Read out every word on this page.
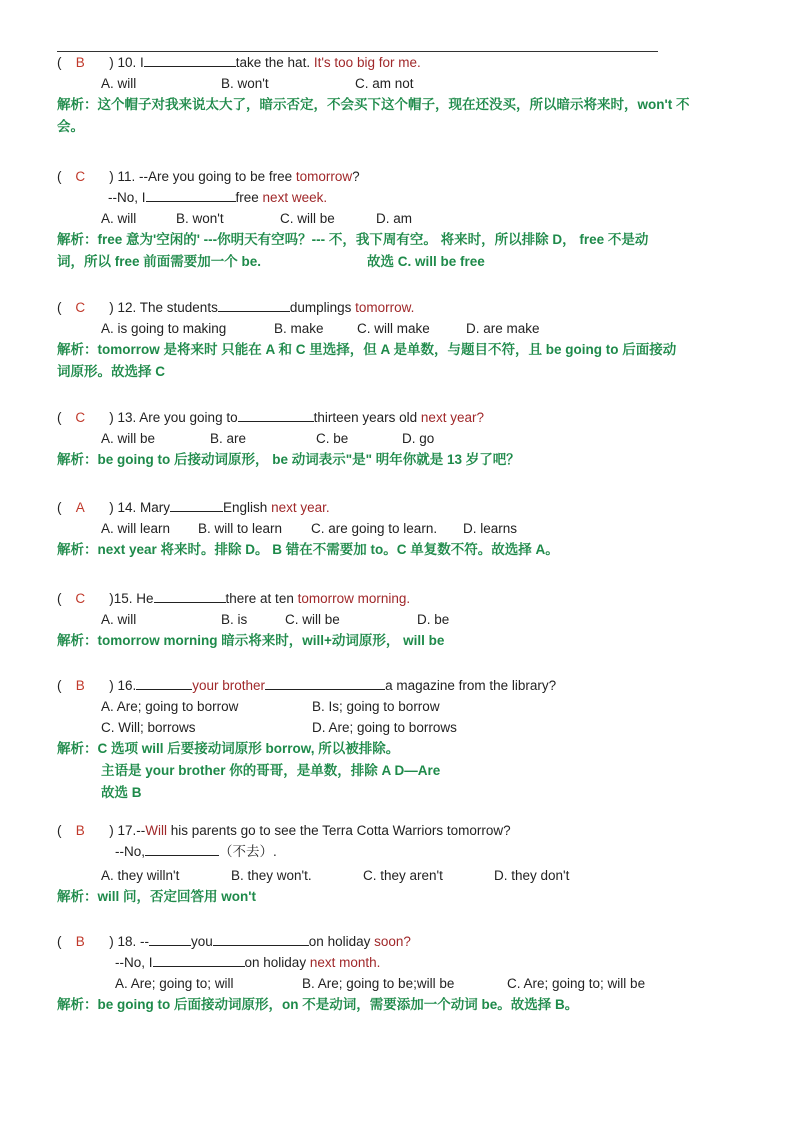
( B ) 10. I	take the hat. It's too big for me.
A. will	B. won't	C. am not
解析：这个帽子对我来说太大了，暗示否定，不会买下这个帽子，现在还没买，所以暗示将来时，won't 不
会。
( C ) 11. --Are you going to be free tomorrow?
--No, I	free next week.
A. will	B. won't	C. will be	D. am
解析：free 意为'空闲的' ---你明天有空吗？--- 不，我下周有空。 将来时，所以排除 D， free 不是动
词，所以 free 前面需要加一个 be.	故选 C. will be free
( C ) 12. The students	dumplings tomorrow.
A. is going to making	B. make C. will make	D. are make
解析：tomorrow 是将来时 只能在 A 和 C 里选择，但 A 是单数，与题目不符，且 be going to 后面接动
词原形。故选择 C
( C ) 13. Are you going to	thirteen years old next year?
A. will be	B. are	C. be	D. go
解析：be going to 后接动词原形， be 动词表示"是" 明年你就是 13 岁了吧？
( A ) 14. Mary	English next year.
A. will learn B. will to learn C. are going to learn. D. learns
解析：next year 将来时。排除 D。 B 错在不需要加 to。C 单复数不符。故选择 A。
( C )15. He	there at ten tomorrow morning.
A. will	B. is	C. will be	D. be
解析：tomorrow morning 暗示将来时，will+动词原形， will be
( B ) 16.	your brother	a magazine from the library?
A. Are; going to borrow	B. Is; going to borrow
C. Will; borrows	D. Are; going to borrows
解析：C 选项 will 后要接动词原形 borrow, 所以被排除。
主语是 your brother 你的哥哥，是单数，排除 A D—Are
故选 B
( B ) 17.--Will his parents go to see the Terra Cotta Warriors tomorrow?
--No,	（不去）.
A. they willn't	B. they won't.	C. they aren't	D. they don't
解析：will 问，否定回答用 won't
( B ) 18. --	you	on holiday soon?
--No, I	on holiday next month.
A. Are; going to; will	B. Are; going to be;will be	C. Are; going to; will be
解析：be going to 后面接动词原形，on 不是动词，需要添加一个动词 be。故选择 B。
